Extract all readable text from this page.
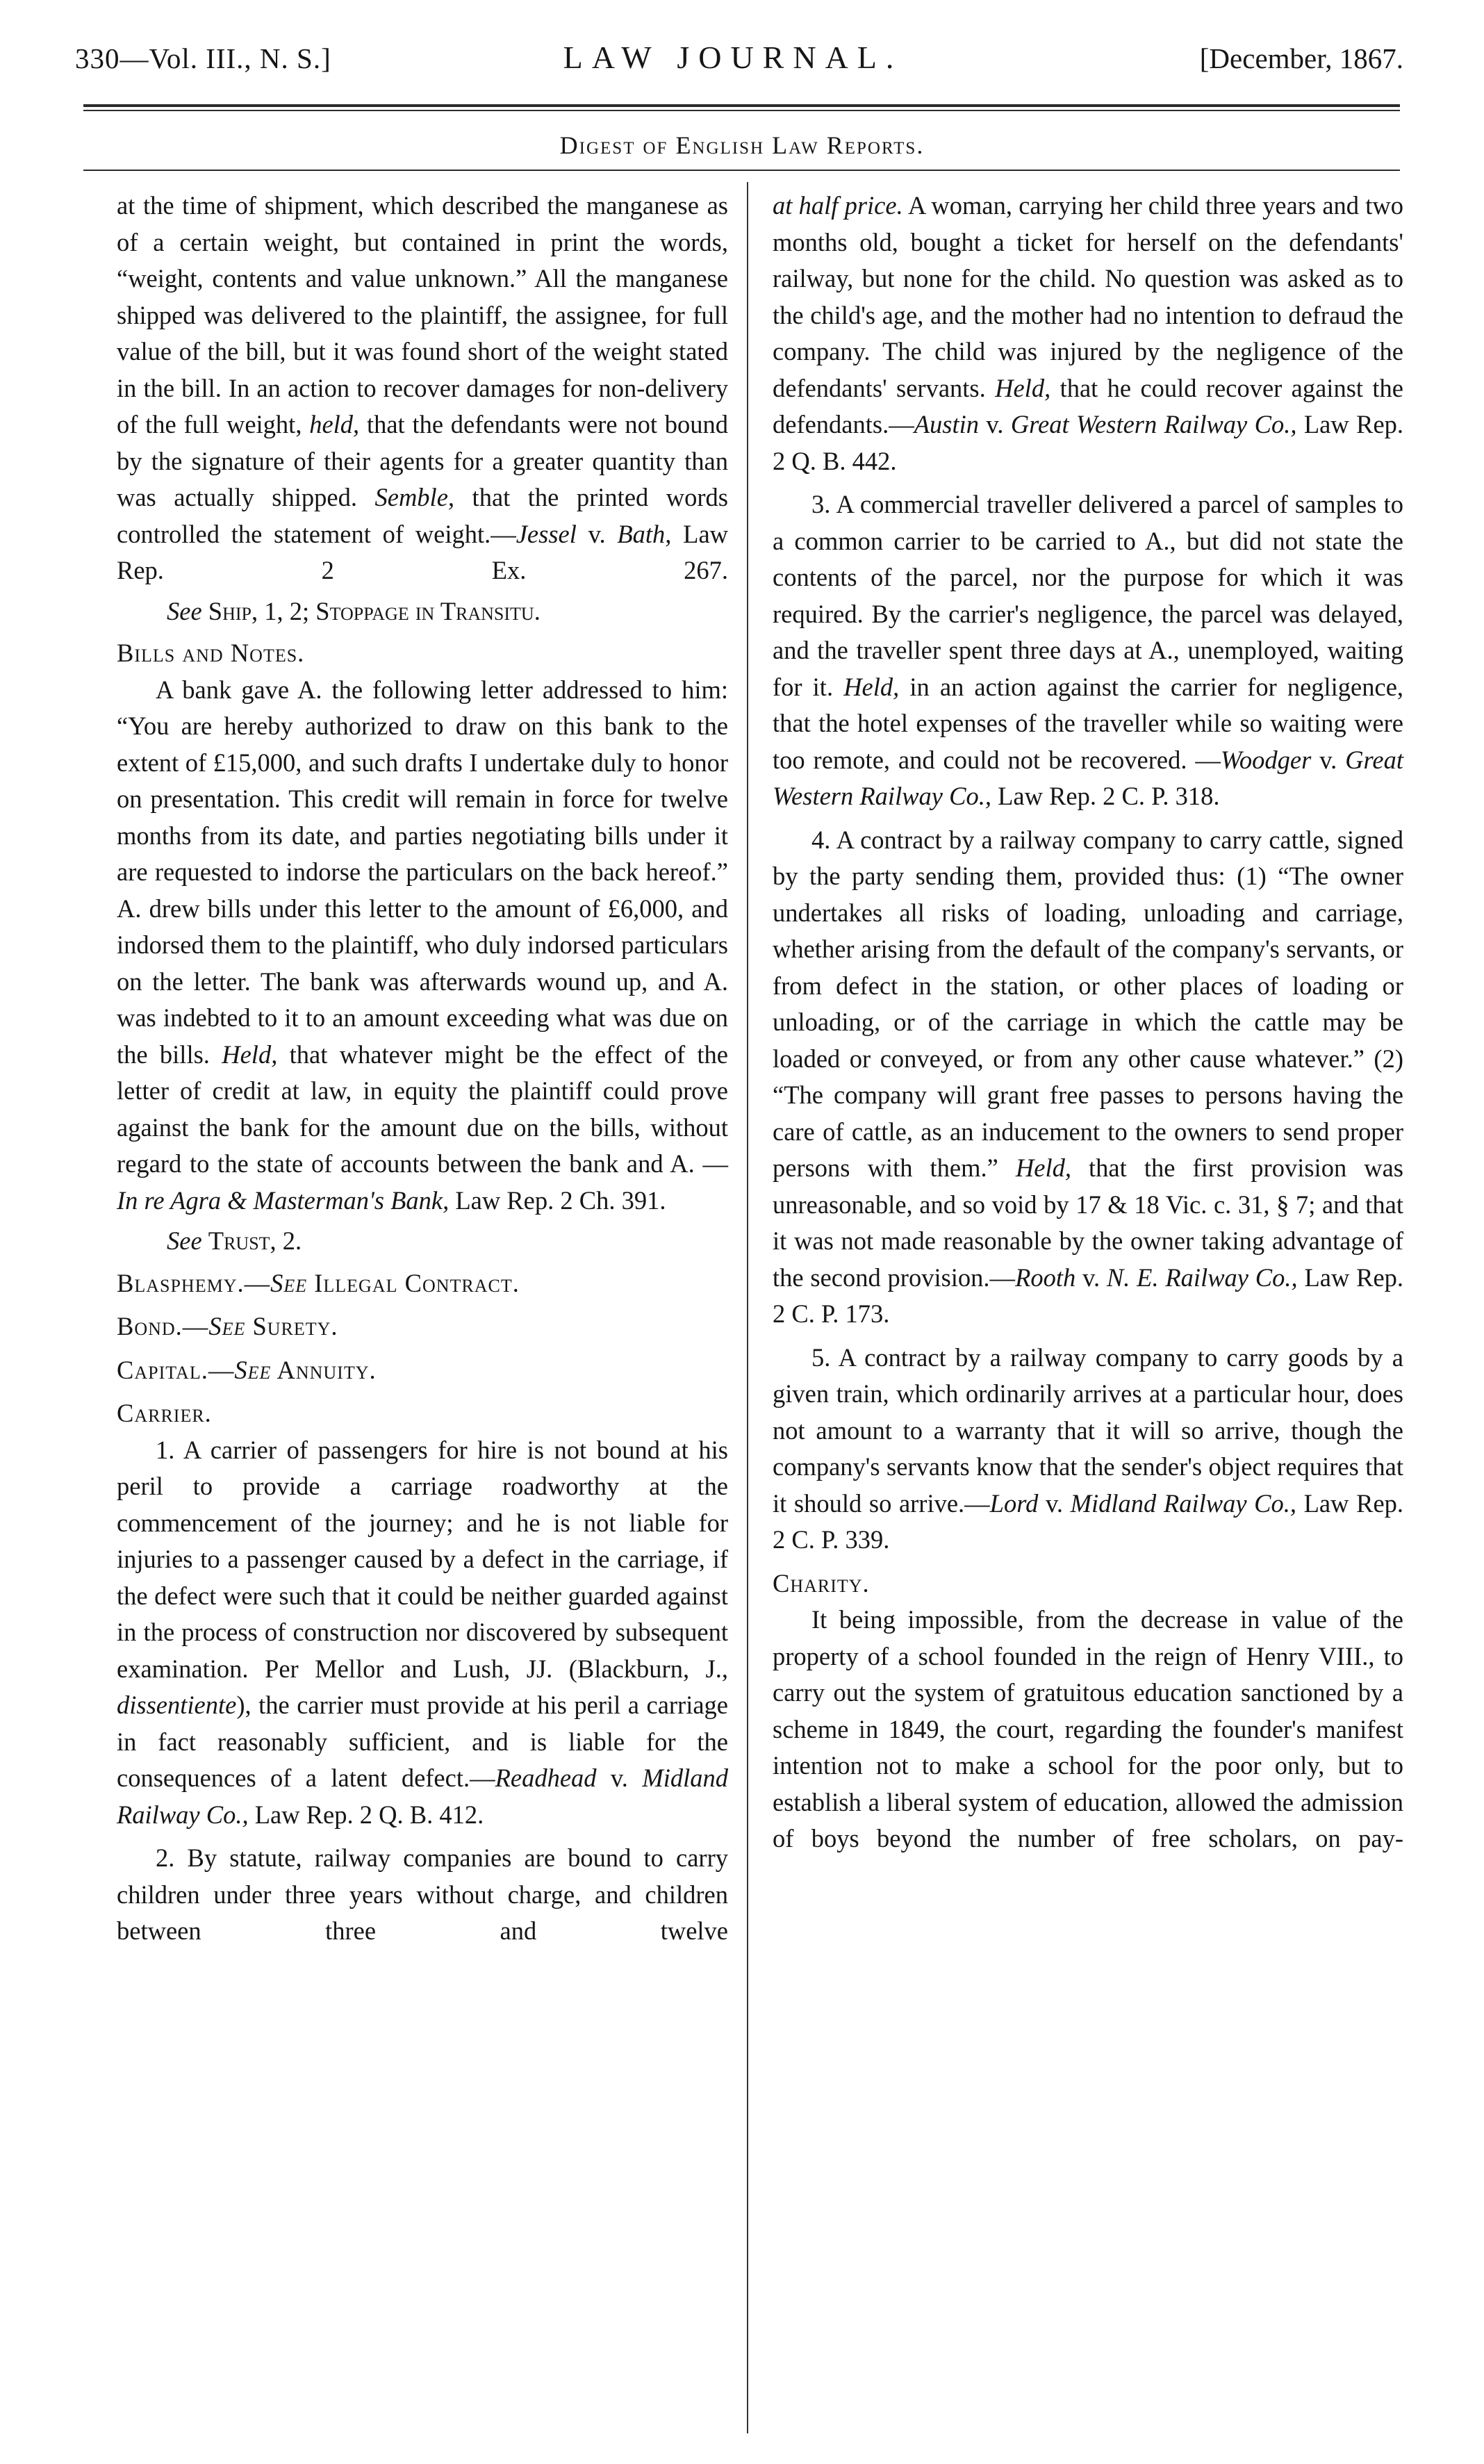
330—Vol. III., N. S.]	LAW JOURNAL.	[December, 1867.
Digest of English Law Reports.

at the time of shipment, which described the manganese as of a certain weight, but contained in print the words, “weight, contents and value unknown.” All the manganese shipped was delivered to the plaintiff, the assignee, for full value of the bill, but it was found short of the weight stated in the bill. In an action to recover damages for non-delivery of the full weight, held, that the defendants were not bound by the signature of their agents for a greater quantity than was actually shipped. Semble, that the printed words controlled the statement of weight.—Jessel v. Bath, Law Rep. 2 Ex. 267.

See Ship, 1, 2; Stoppage in Transitu.

Bills and Notes.

A bank gave A. the following letter addressed to him: “You are hereby authorized to draw on this bank to the extent of £15,000, and such drafts I undertake duly to honor on presentation. This credit will remain in force for twelve months from its date, and parties negotiating bills under it are requested to indorse the particulars on the back hereof.” A. drew bills under this letter to the amount of £6,000, and indorsed them to the plaintiff, who duly indorsed particulars on the letter. The bank was afterwards wound up, and A. was indebted to it to an amount exceeding what was due on the bills. Held, that whatever might be the effect of the letter of credit at law, in equity the plaintiff could prove against the bank for the amount due on the bills, without regard to the state of accounts between the bank and A. —In re Agra & Masterman's Bank, Law Rep. 2 Ch. 391.

See Trust, 2.

Blasphemy.—See Illegal Contract.

Bond.—See Surety.

Capital.—See Annuity.

Carrier.

1. A carrier of passengers for hire is not bound at his peril to provide a carriage roadworthy at the commencement of the journey; and he is not liable for injuries to a passenger caused by a defect in the carriage, if the defect were such that it could be neither guarded against in the process of construction nor discovered by subsequent examination. Per Mellor and Lush, JJ. (Blackburn, J., dissentiente), the carrier must provide at his peril a carriage in fact reasonably sufficient, and is liable for the consequences of a latent defect.—Readhead v. Midland Railway Co., Law Rep. 2 Q. B. 412.

2. By statute, railway companies are bound to carry children under three years without charge, and children between three and twelve

at half price. A woman, carrying her child three years and two months old, bought a ticket for herself on the defendants' railway, but none for the child. No question was asked as to the child's age, and the mother had no intention to defraud the company. The child was injured by the negligence of the defendants' servants. Held, that he could recover against the defendants.—Austin v. Great Western Railway Co., Law Rep. 2 Q. B. 442.

3. A commercial traveller delivered a parcel of samples to a common carrier to be carried to A., but did not state the contents of the parcel, nor the purpose for which it was required. By the carrier's negligence, the parcel was delayed, and the traveller spent three days at A., unemployed, waiting for it. Held, in an action against the carrier for negligence, that the hotel expenses of the traveller while so waiting were too remote, and could not be recovered. —Woodger v. Great Western Railway Co., Law Rep. 2 C. P. 318.

4. A contract by a railway company to carry cattle, signed by the party sending them, provided thus: (1) “The owner undertakes all risks of loading, unloading and carriage, whether arising from the default of the company's servants, or from defect in the station, or other places of loading or unloading, or of the carriage in which the cattle may be loaded or conveyed, or from any other cause whatever.” (2) “The company will grant free passes to persons having the care of cattle, as an inducement to the owners to send proper persons with them.” Held, that the first provision was unreasonable, and so void by 17 & 18 Vic. c. 31, § 7; and that it was not made reasonable by the owner taking advantage of the second provision.—Rooth v. N. E. Railway Co., Law Rep. 2 C. P. 173.

5. A contract by a railway company to carry goods by a given train, which ordinarily arrives at a particular hour, does not amount to a warranty that it will so arrive, though the company's servants know that the sender's object requires that it should so arrive.—Lord v. Midland Railway Co., Law Rep. 2 C. P. 339.

Charity.

It being impossible, from the decrease in value of the property of a school founded in the reign of Henry VIII., to carry out the system of gratuitous education sanctioned by a scheme in 1849, the court, regarding the founder's manifest intention not to make a school for the poor only, but to establish a liberal system of education, allowed the admission of boys beyond the number of free scholars, on pay-
